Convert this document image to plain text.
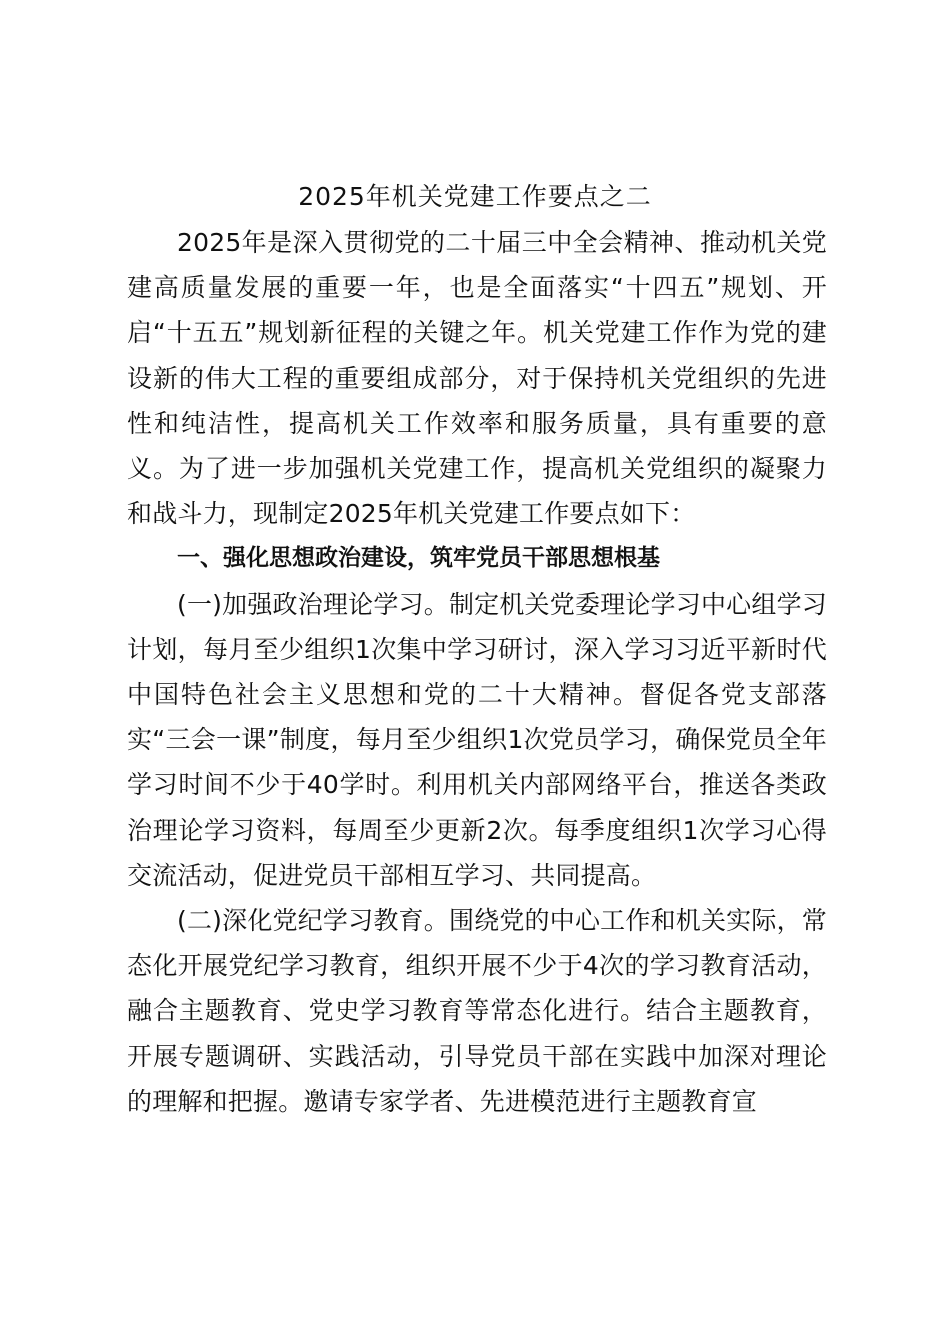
2025年机关党建工作要点之二

2025年是深入贯彻党的二十届三中全会精神、推动机关党建高质量发展的重要一年，也是全面落实“十四五”规划、开启“十五五”规划新征程的关键之年。机关党建工作作为党的建设新的伟大工程的重要组成部分，对于保持机关党组织的先进性和纯洁性，提高机关工作效率和服务质量，具有重要的意义。为了进一步加强机关党建工作，提高机关党组织的凝聚力和战斗力，现制定2025年机关党建工作要点如下：

一、强化思想政治建设，筑牢党员干部思想根基

(一)加强政治理论学习。制定机关党委理论学习中心组学习计划，每月至少组织1次集中学习研讨，深入学习习近平新时代中国特色社会主义思想和党的二十大精神。督促各党支部落实“三会一课”制度，每月至少组织1次党员学习，确保党员全年学习时间不少于40学时。利用机关内部网络平台，推送各类政治理论学习资料，每周至少更新2次。每季度组织1次学习心得交流活动，促进党员干部相互学习、共同提高。

(二)深化党纪学习教育。围绕党的中心工作和机关实际，常态化开展党纪学习教育，组织开展不少于4次的学习教育活动，融合主题教育、党史学习教育等常态化进行。结合主题教育，开展专题调研、实践活动，引导党员干部在实践中加深对理论的理解和把握。邀请专家学者、先进模范进行主题教育宣
